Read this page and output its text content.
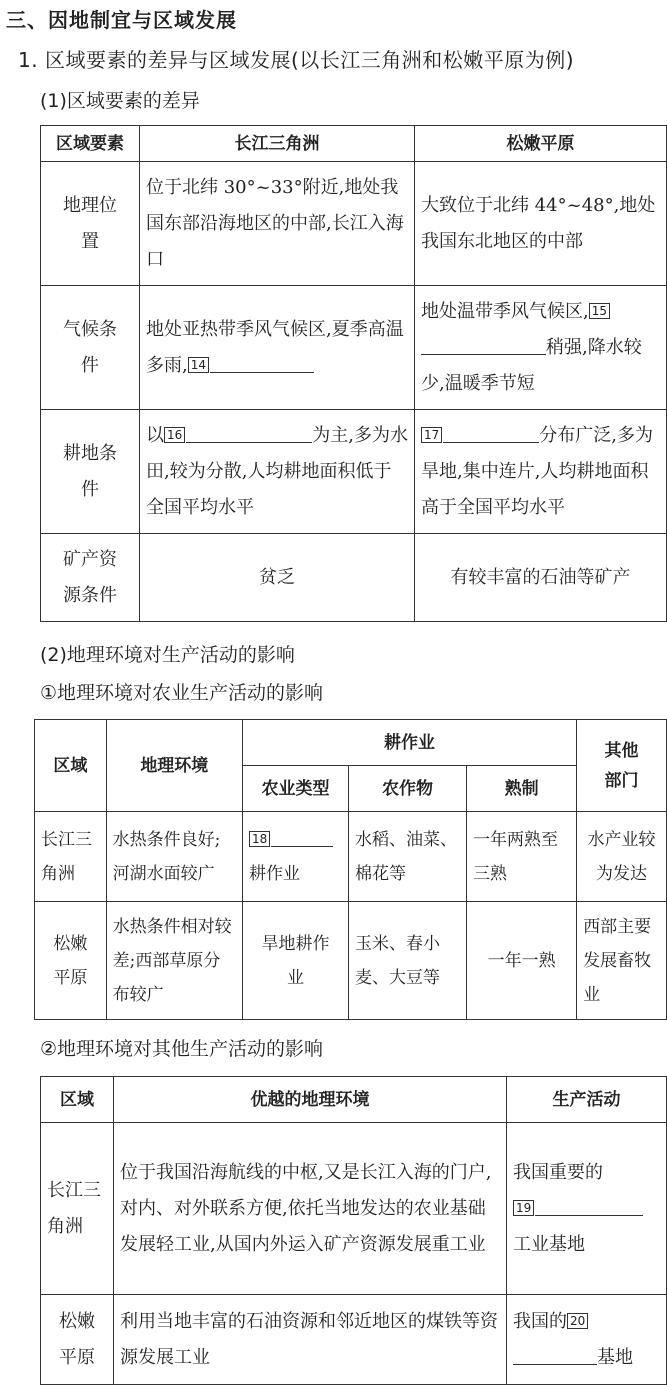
三、因地制宜与区域发展
1. 区域要素的差异与区域发展(以长江三角洲和松嫩平原为例)
(1)区域要素的差异
区域要素	长江三角洲	松嫩平原

地理位置	位于北纬 30°~33°附近,地处我国东部沿海地区的中部,长江入海口	大致位于北纬 44°~48°,地处我国东北地区的中部

气候条件	地处亚热带季风气候区,夏季高温多雨, 14	地处温带季风气候区, 15稍强,降水较少,温暖季节短

耕地条件	以 16 为主,多为水田,较为分散,人均耕地面积低于全国平均水平	17 分布广泛,多为旱地,集中连片,人均耕地面积高于全国平均水平

矿产资源条件	贫乏	有较丰富的石油等矿产
(2)地理环境对生产活动的影响
①地理环境对农业生产活动的影响
区域	地理环境	耕作业			其他部门

		农业类型	农作物	熟制	

长江三角洲	水热条件良好;河湖水面较广	18
耕作业	水稻、油菜、棉花等	一年两熟至三熟	水产业较为发达

松嫩平原	水热条件相对较差;西部草原分布较广	旱地耕作业	玉米、春小麦、大豆等	一年一熟	西部主要发展畜牧业
②地理环境对其他生产活动的影响
区域	优越的地理环境	生产活动

长江三角洲	位于我国沿海航线的中枢,又是长江入海的门户,对内、对外联系方便,依托当地发达的农业基础发展轻工业,从国内外运入矿产资源发展重工业	我国重要的
19
工业基地

松嫩平原	利用当地丰富的石油资源和邻近地区的煤铁等资源发展工业	我国的 20
基地
